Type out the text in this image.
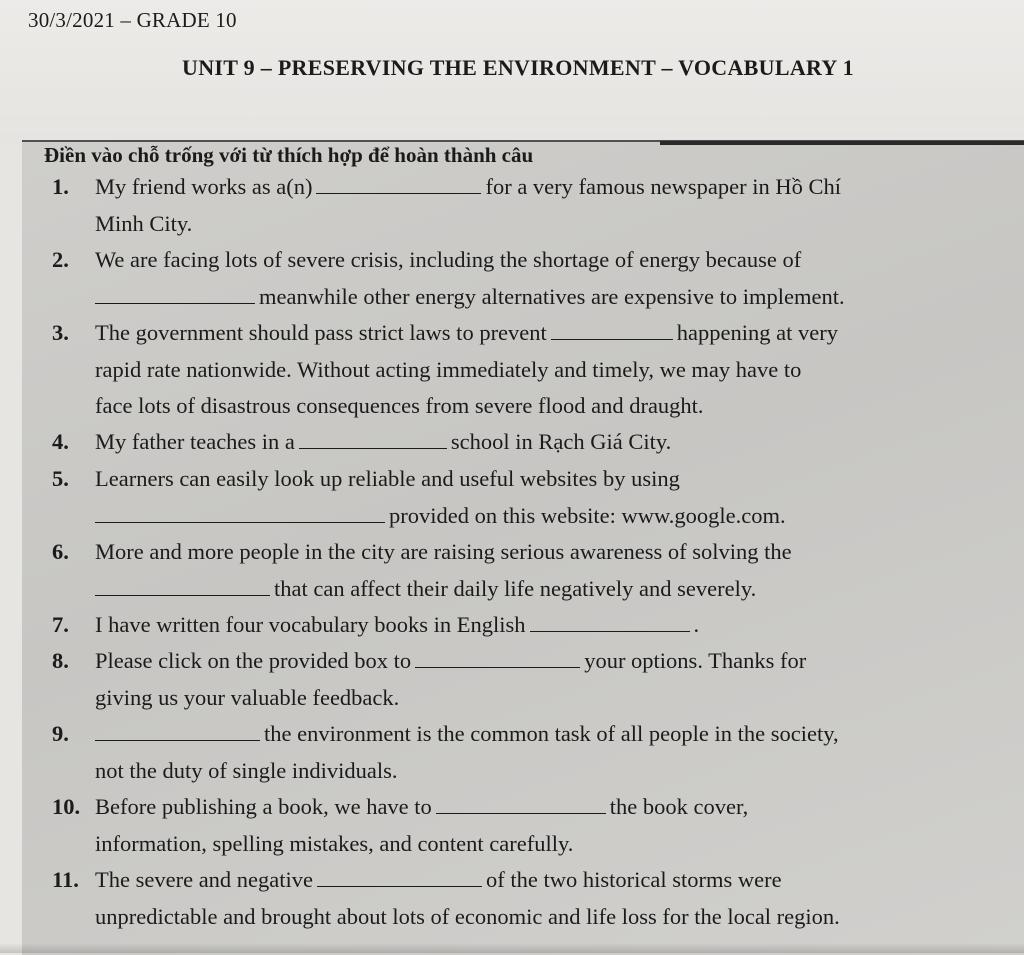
30/3/2021 – GRADE 10
UNIT 9 – PRESERVING THE ENVIRONMENT – VOCABULARY 1
Điền vào chỗ trống với từ thích hợp để hoàn thành câu
1. My friend works as a(n)	for a very famous newspaper in Hồ Chí
Minh City.
2. We are facing lots of severe crisis, including the shortage of energy because of
meanwhile other energy alternatives are expensive to implement.
3. The government should pass strict laws to prevent	happening at very
rapid rate nationwide. Without acting immediately and timely, we may have to
face lots of disastrous consequences from severe flood and draught.
4. My father teaches in a	school in Rạch Giá City.
5. Learners can easily look up reliable and useful websites by using
provided on this website: www.google.com.
6. More and more people in the city are raising serious awareness of solving the
that can affect their daily life negatively and severely.
7. I have written four vocabulary books in English	.
8. Please click on the provided box to	your options. Thanks for
giving us your valuable feedback.
9.	the environment is the common task of all people in the society,
not the duty of single individuals.
10. Before publishing a book, we have to	the book cover,
information, spelling mistakes, and content carefully.
11. The severe and negative	of the two historical storms were
unpredictable and brought about lots of economic and life loss for the local region.
